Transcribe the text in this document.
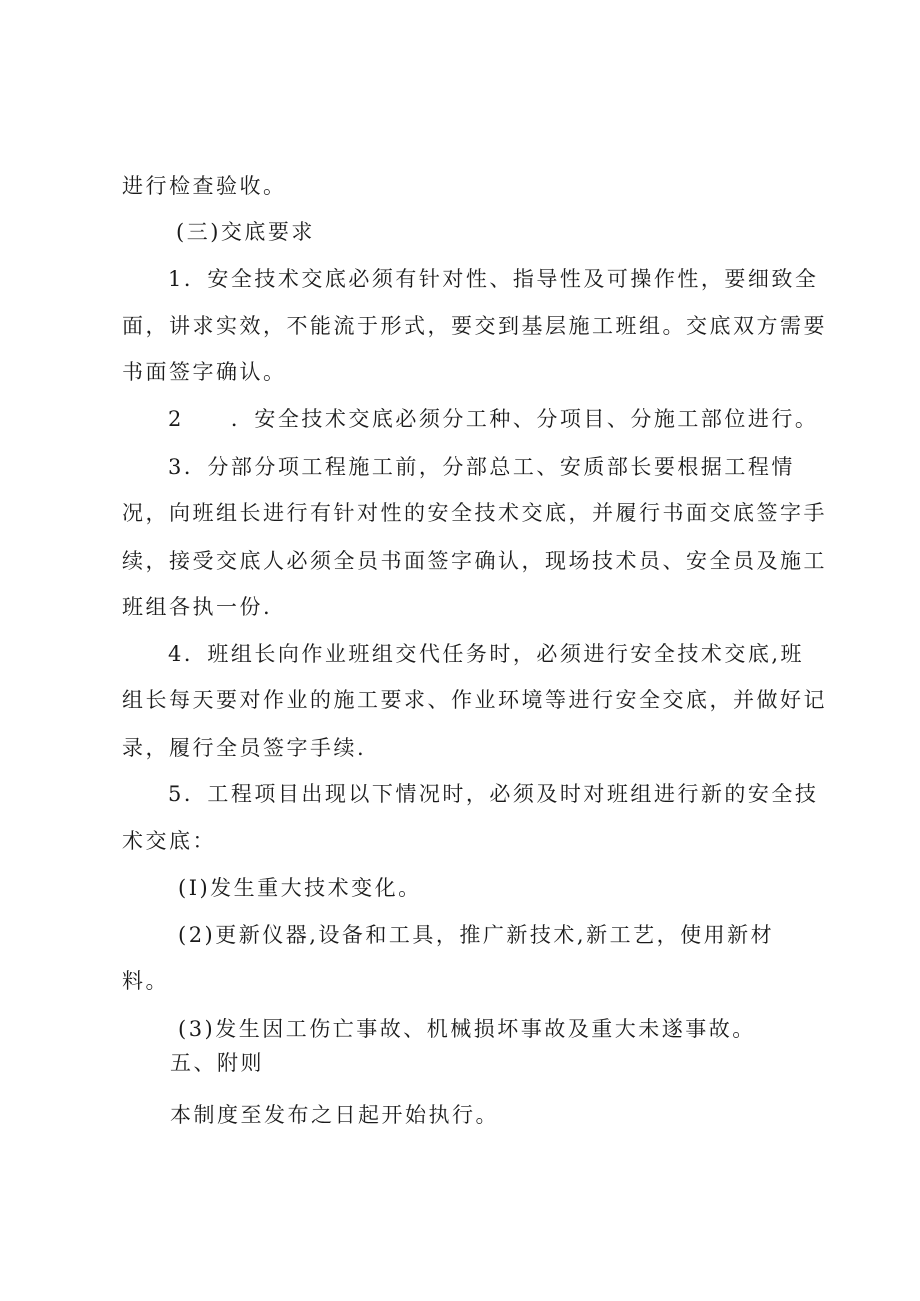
进行检查验收。

(三)交底要求

1．安全技术交底必须有针对性、指导性及可操作性，要细致全

面，讲求实效，不能流于形式，要交到基层施工班组。交底双方需要

书面签字确认。

2　　．安全技术交底必须分工种、分项目、分施工部位进行。

3．分部分项工程施工前，分部总工、安质部长要根据工程情

况，向班组长进行有针对性的安全技术交底，并履行书面交底签字手

续，接受交底人必须全员书面签字确认，现场技术员、安全员及施工

班组各执一份.

4．班组长向作业班组交代任务时，必须进行安全技术交底,班

组长每天要对作业的施工要求、作业环境等进行安全交底，并做好记

录，履行全员签字手续.

5．工程项目出现以下情况时，必须及时对班组进行新的安全技

术交底：

(I)发生重大技术变化。

(2)更新仪器,设备和工具，推广新技术,新工艺，使用新材

料。

(3)发生因工伤亡事故、机械损坏事故及重大未遂事故。

五、附则

本制度至发布之日起开始执行。
